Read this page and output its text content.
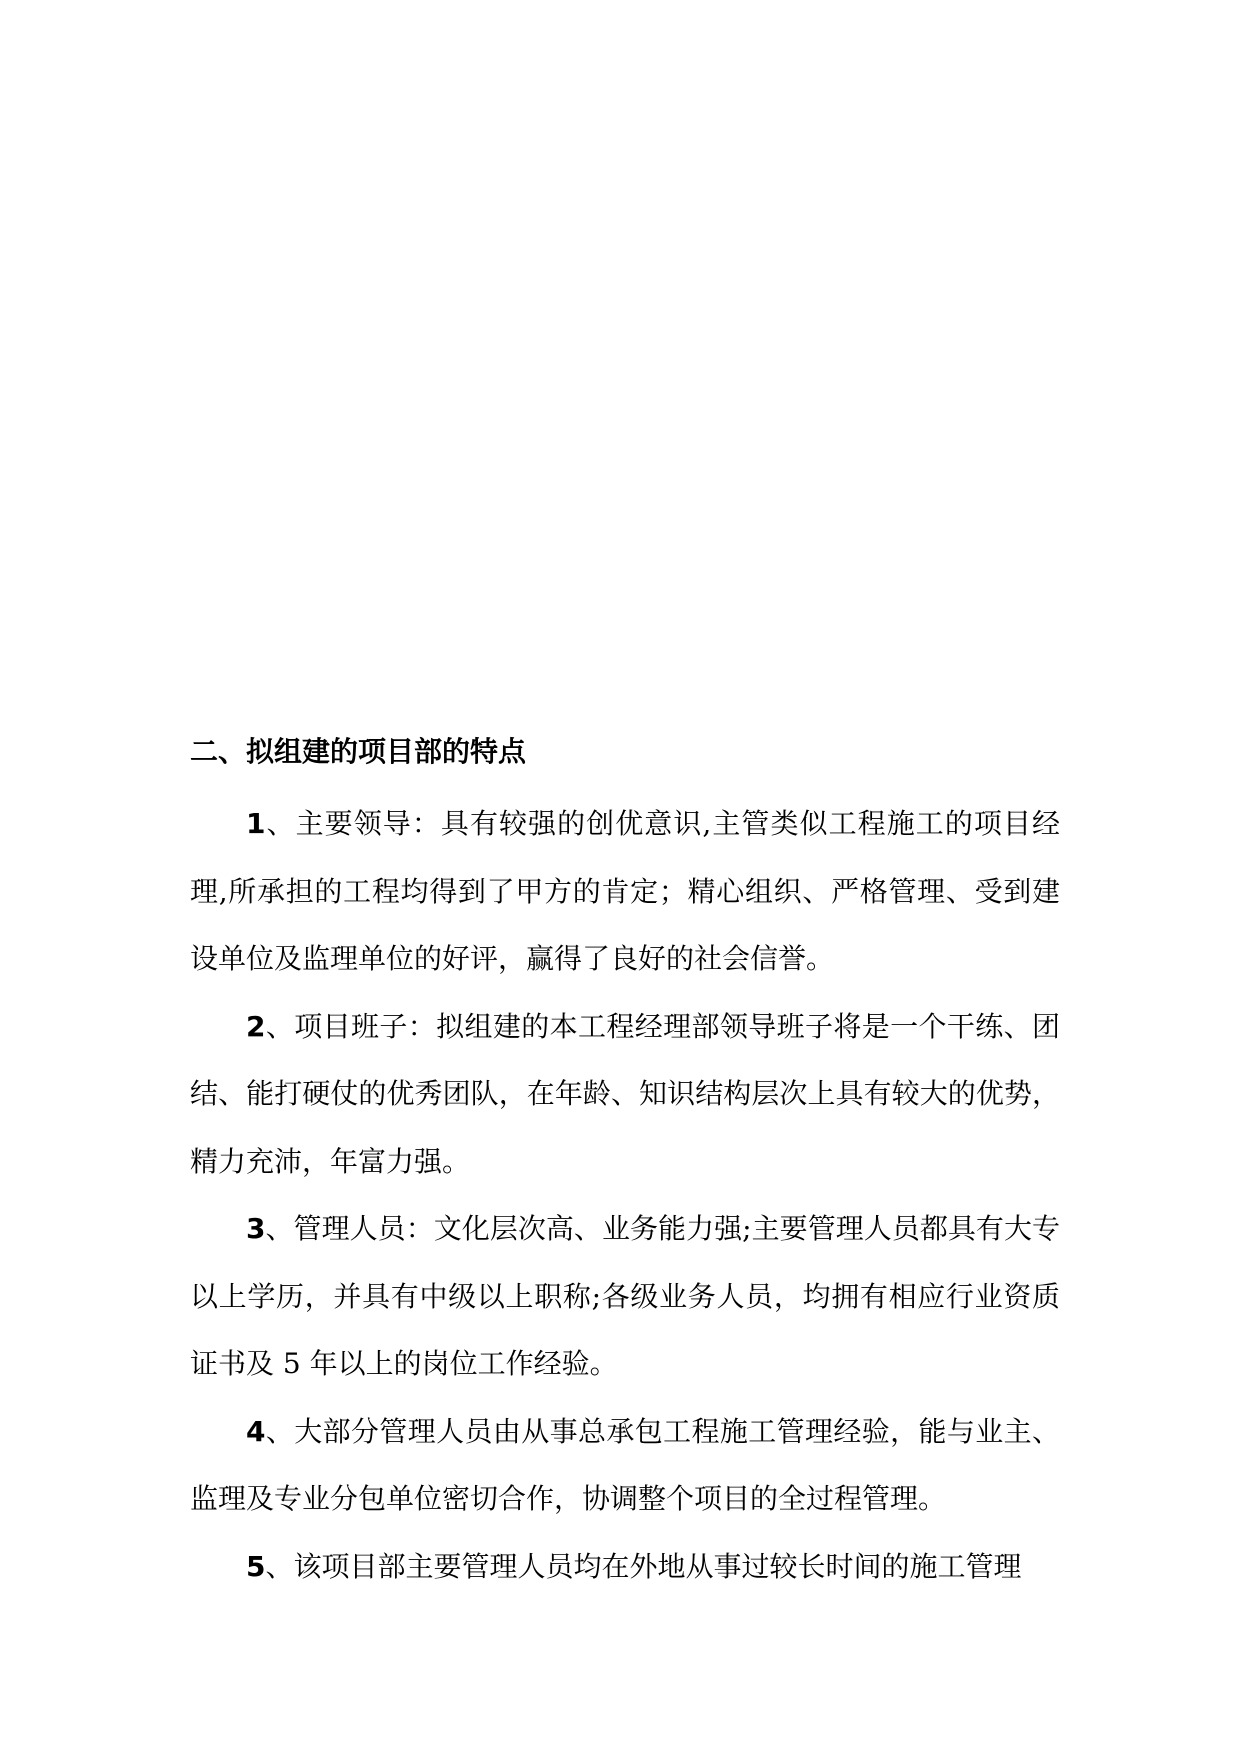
二、拟组建的项目部的特点

1、主要领导：具有较强的创优意识,主管类似工程施工的项目经理,所承担的工程均得到了甲方的肯定；精心组织、严格管理、受到建设单位及监理单位的好评，赢得了良好的社会信誉。

2、项目班子：拟组建的本工程经理部领导班子将是一个干练、团结、能打硬仗的优秀团队，在年龄、知识结构层次上具有较大的优势，精力充沛，年富力强。

3、管理人员：文化层次高、业务能力强;主要管理人员都具有大专以上学历，并具有中级以上职称;各级业务人员，均拥有相应行业资质证书及 5 年以上的岗位工作经验。

4、大部分管理人员由从事总承包工程施工管理经验，能与业主、监理及专业分包单位密切合作，协调整个项目的全过程管理。

5、该项目部主要管理人员均在外地从事过较长时间的施工管理
